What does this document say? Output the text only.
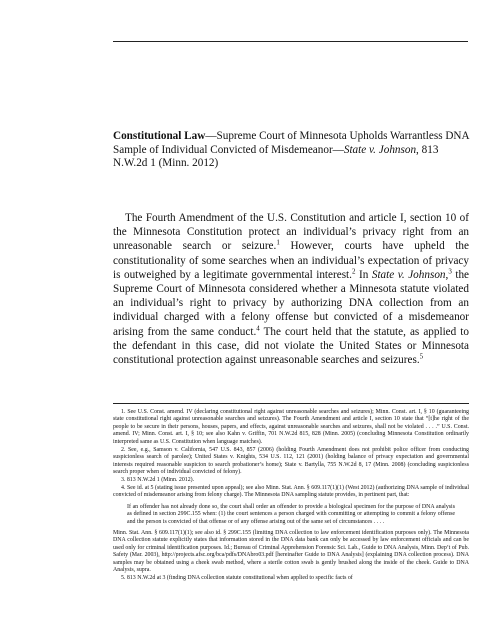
Constitutional Law—Supreme Court of Minnesota Upholds Warrantless DNA Sample of Individual Convicted of Misdemeanor—State v. Johnson, 813 N.W.2d 1 (Minn. 2012)

The Fourth Amendment of the U.S. Constitution and article I, section 10 of the Minnesota Constitution protect an individual’s privacy right from an unreasonable search or seizure.$^1$ However, courts have upheld the constitutionality of some searches when an individual’s expectation of privacy is outweighed by a legitimate governmental interest.$^2$ In State v. Johnson,$^3$ the Supreme Court of Minnesota considered whether a Minnesota statute violated an individual’s right to privacy by authorizing DNA collection from an individual charged with a felony offense but convicted of a misdemeanor arising from the same conduct.$^4$ The court held that the statute, as applied to the defendant in this case, did not violate the United States or Minnesota constitutional protection against unreasonable searches and seizures.$^5$

1. See U.S. Const. amend. IV (declaring constitutional right against unreasonable searches and seizures); Minn. Const. art. I, § 10 (guaranteeing state constitutional right against unreasonable searches and seizures). The Fourth Amendment and article I, section 10 state that “[t]he right of the people to be secure in their persons, houses, papers, and effects, against unreasonable searches and seizures, shall not be violated . . . .” U.S. Const. amend. IV; Minn. Const. art. I, § 10; see also Kahn v. Griffin, 701 N.W.2d 815, 828 (Minn. 2005) (concluding Minnesota Constitution ordinarily interpreted same as U.S. Constitution when language matches).

2. See, e.g., Samson v. California, 547 U.S. 843, 857 (2006) (holding Fourth Amendment does not prohibit police officer from conducting suspicionless search of parolee); United States v. Knights, 534 U.S. 112, 121 (2001) (holding balance of privacy expectation and governmental interests required reasonable suspicion to search probationer’s home); State v. Bartylla, 755 N.W.2d 8, 17 (Minn. 2008) (concluding suspicionless search proper when of individual convicted of felony).

3. 813 N.W.2d 1 (Minn. 2012).

4. See id. at 5 (stating issue presented upon appeal); see also Minn. Stat. Ann. § 609.117(1)(1) (West 2012) (authorizing DNA sample of individual convicted of misdemeanor arising from felony charge). The Minnesota DNA sampling statute provides, in pertinent part, that:

If an offender has not already done so, the court shall order an offender to provide a biological specimen for the purpose of DNA analysis as defined in section 299C.155 when: (1) the court sentences a person charged with committing or attempting to commit a felony offense and the person is convicted of that offense or of any offense arising out of the same set of circumstances . . . .

Minn. Stat. Ann. § 609.117(1)(1); see also id. § 299C.155 (limiting DNA collection to law enforcement identification purposes only). The Minnesota DNA collection statute explicitly states that information stored in the DNA data bank can only be accessed by law enforcement officials and can be used only for criminal identification purposes. Id.; Bureau of Criminal Apprehension Forensic Sci. Lab., Guide to DNA Analysis, Minn. Dep’t of Pub. Safety (Mar. 2003), http://projects.afsc.org/bca/pdfs/DNAbro03.pdf [hereinafter Guide to DNA Analysis] (explaining DNA collection process). DNA samples may be obtained using a cheek swab method, where a sterile cotton swab is gently brushed along the inside of the cheek. Guide to DNA Analysis, supra.

5. 813 N.W.2d at 3 (finding DNA collection statute constitutional when applied to specific facts of
